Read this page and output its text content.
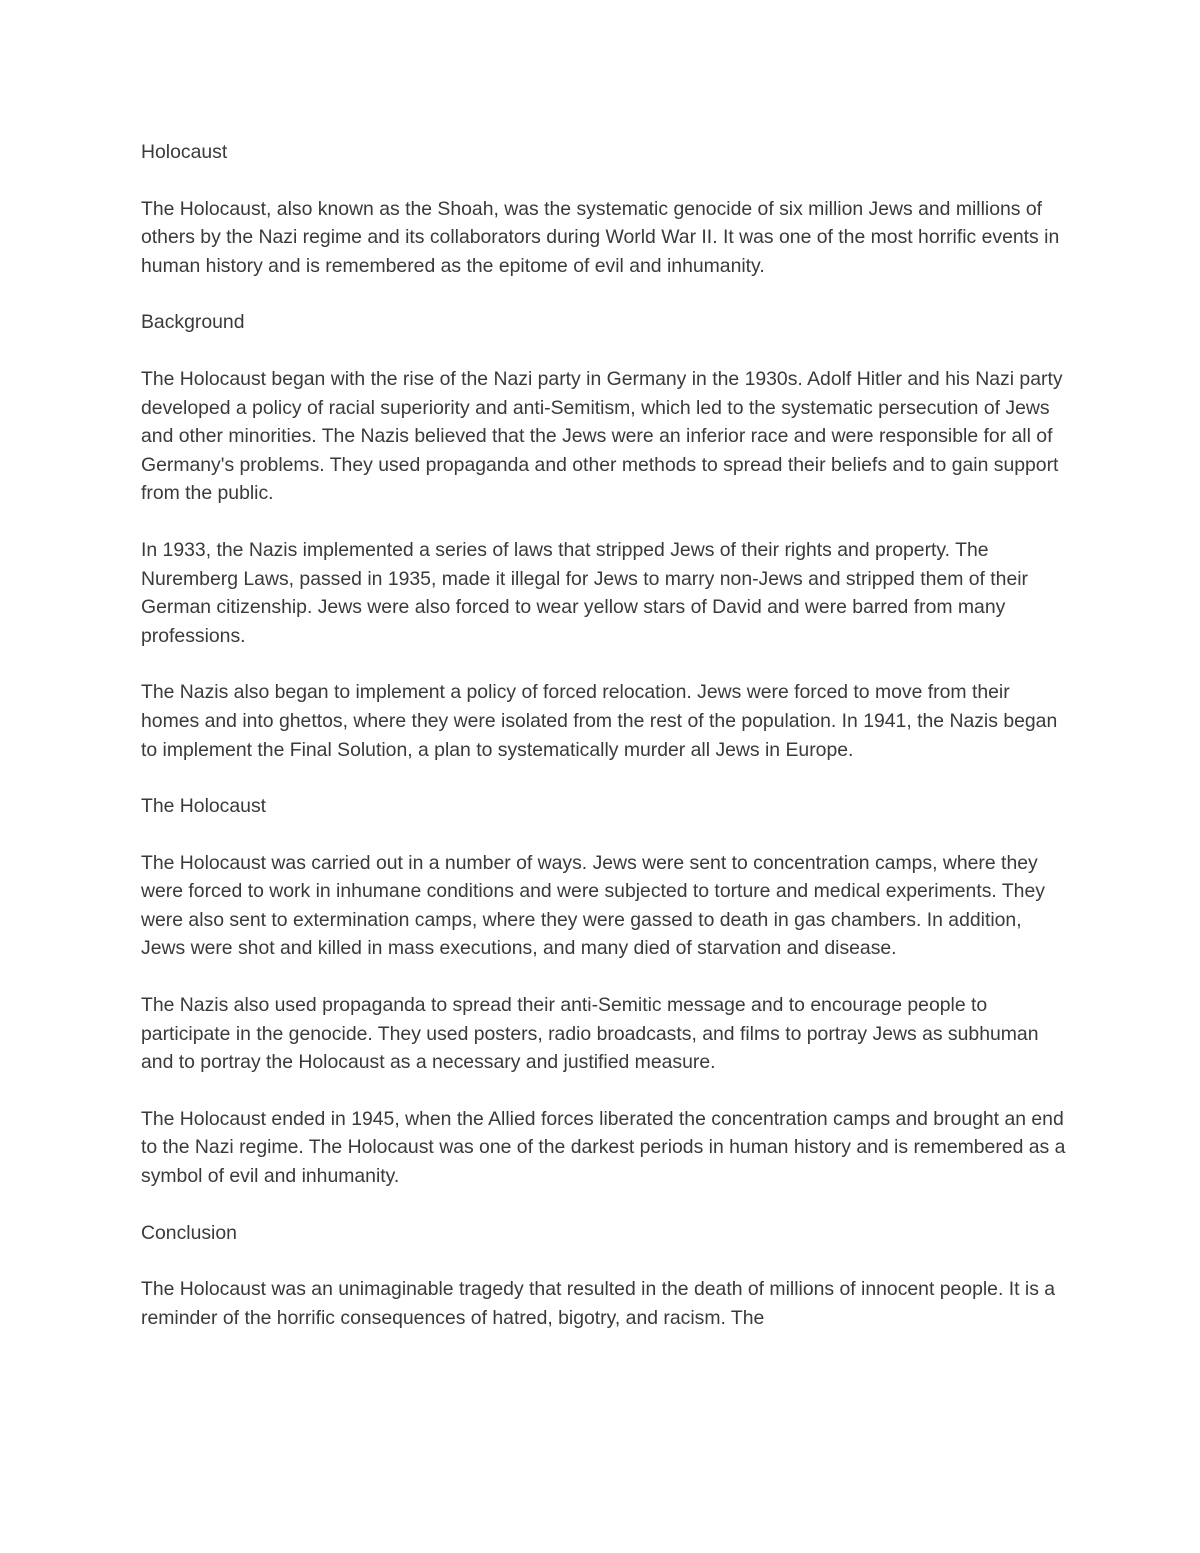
Holocaust

The Holocaust, also known as the Shoah, was the systematic genocide of six million Jews and millions of others by the Nazi regime and its collaborators during World War II. It was one of the most horrific events in human history and is remembered as the epitome of evil and inhumanity.

Background

The Holocaust began with the rise of the Nazi party in Germany in the 1930s. Adolf Hitler and his Nazi party developed a policy of racial superiority and anti-Semitism, which led to the systematic persecution of Jews and other minorities. The Nazis believed that the Jews were an inferior race and were responsible for all of Germany's problems. They used propaganda and other methods to spread their beliefs and to gain support from the public.

In 1933, the Nazis implemented a series of laws that stripped Jews of their rights and property. The Nuremberg Laws, passed in 1935, made it illegal for Jews to marry non-Jews and stripped them of their German citizenship. Jews were also forced to wear yellow stars of David and were barred from many professions.

The Nazis also began to implement a policy of forced relocation. Jews were forced to move from their homes and into ghettos, where they were isolated from the rest of the population. In 1941, the Nazis began to implement the Final Solution, a plan to systematically murder all Jews in Europe.

The Holocaust

The Holocaust was carried out in a number of ways. Jews were sent to concentration camps, where they were forced to work in inhumane conditions and were subjected to torture and medical experiments. They were also sent to extermination camps, where they were gassed to death in gas chambers. In addition, Jews were shot and killed in mass executions, and many died of starvation and disease.

The Nazis also used propaganda to spread their anti-Semitic message and to encourage people to participate in the genocide. They used posters, radio broadcasts, and films to portray Jews as subhuman and to portray the Holocaust as a necessary and justified measure.

The Holocaust ended in 1945, when the Allied forces liberated the concentration camps and brought an end to the Nazi regime. The Holocaust was one of the darkest periods in human history and is remembered as a symbol of evil and inhumanity.

Conclusion

The Holocaust was an unimaginable tragedy that resulted in the death of millions of innocent people. It is a reminder of the horrific consequences of hatred, bigotry, and racism. The
